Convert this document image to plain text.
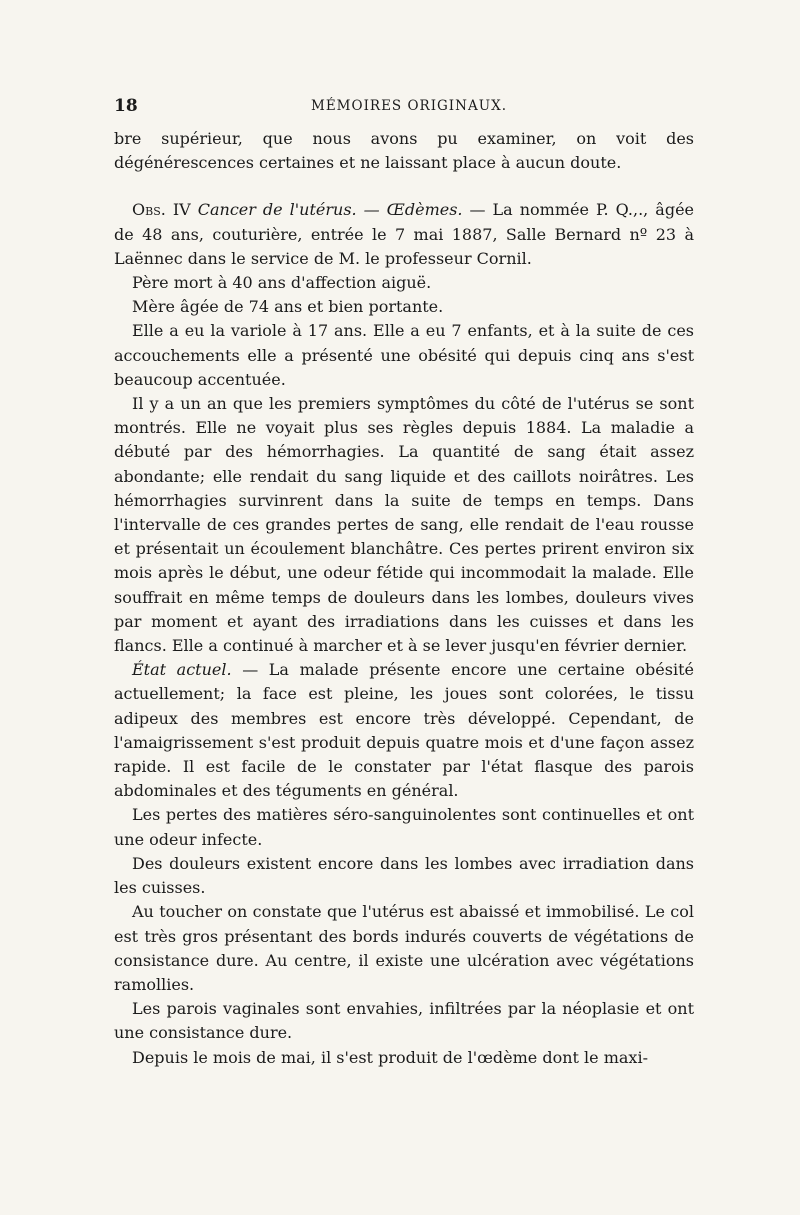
18	MÉMOIRES ORIGINAUX.

bre supérieur, que nous avons pu examiner, on voit des dégénérescences certaines et ne laissant place à aucun doute.

Obs. IV Cancer de l'utérus. — Œdèmes. — La nommée P. Q.,., âgée de 48 ans, couturière, entrée le 7 mai 1887, Salle Bernard nº 23 à Laënnec dans le service de M. le professeur Cornil.

Père mort à 40 ans d'affection aiguë.

Mère âgée de 74 ans et bien portante.

Elle a eu la variole à 17 ans. Elle a eu 7 enfants, et à la suite de ces accouchements elle a présenté une obésité qui depuis cinq ans s'est beaucoup accentuée.

Il y a un an que les premiers symptômes du côté de l'utérus se sont montrés. Elle ne voyait plus ses règles depuis 1884. La maladie a débuté par des hémorrhagies. La quantité de sang était assez abondante; elle rendait du sang liquide et des caillots noirâtres. Les hémorrhagies survinrent dans la suite de temps en temps. Dans l'intervalle de ces grandes pertes de sang, elle rendait de l'eau rousse et présentait un écoulement blanchâtre. Ces pertes prirent environ six mois après le début, une odeur fétide qui incommodait la malade. Elle souffrait en même temps de douleurs dans les lombes, douleurs vives par moment et ayant des irradiations dans les cuisses et dans les flancs. Elle a continué à marcher et à se lever jusqu'en février dernier.

État actuel. — La malade présente encore une certaine obésité actuellement; la face est pleine, les joues sont colorées, le tissu adipeux des membres est encore très développé. Cependant, de l'amaigrissement s'est produit depuis quatre mois et d'une façon assez rapide. Il est facile de le constater par l'état flasque des parois abdominales et des téguments en général.

Les pertes des matières séro-sanguinolentes sont continuelles et ont une odeur infecte.

Des douleurs existent encore dans les lombes avec irradiation dans les cuisses.

Au toucher on constate que l'utérus est abaissé et immobilisé. Le col est très gros présentant des bords indurés couverts de végétations de consistance dure. Au centre, il existe une ulcération avec végétations ramollies.

Les parois vaginales sont envahies, infiltrées par la néoplasie et ont une consistance dure.

Depuis le mois de mai, il s'est produit de l'œdème dont le maxi-
